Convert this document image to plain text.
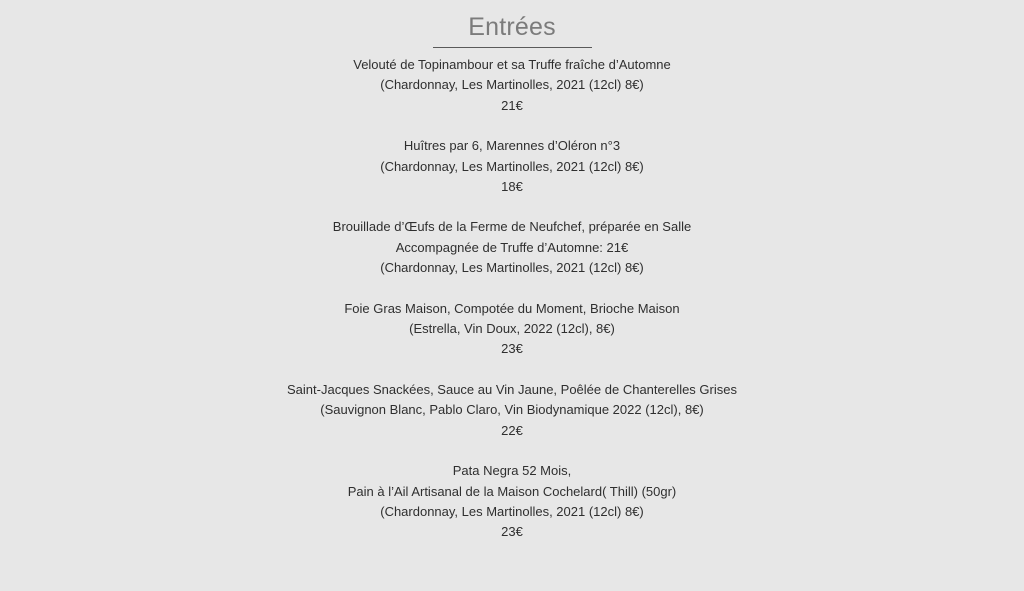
Entrées
Velouté de Topinambour et sa Truffe fraîche d’Automne
(Chardonnay, Les Martinolles, 2021 (12cl) 8€)
21€
Huîtres par 6, Marennes d’Oléron n°3
(Chardonnay, Les Martinolles, 2021 (12cl) 8€)
18€
Brouillade d’Œufs de la Ferme de Neufchef, préparée en Salle
Accompagnée de Truffe d’Automne: 21€
(Chardonnay, Les Martinolles, 2021 (12cl) 8€)
Foie Gras Maison, Compotée du Moment, Brioche Maison
(Estrella, Vin Doux, 2022 (12cl), 8€)
23€
Saint-Jacques Snackées, Sauce au Vin Jaune, Poêlée de Chanterelles Grises
(Sauvignon Blanc, Pablo Claro, Vin Biodynamique 2022 (12cl), 8€)
22€
Pata Negra 52 Mois,
Pain à l’Ail Artisanal de la Maison Cochelard( Thill) (50gr)
(Chardonnay, Les Martinolles, 2021 (12cl) 8€)
23€
